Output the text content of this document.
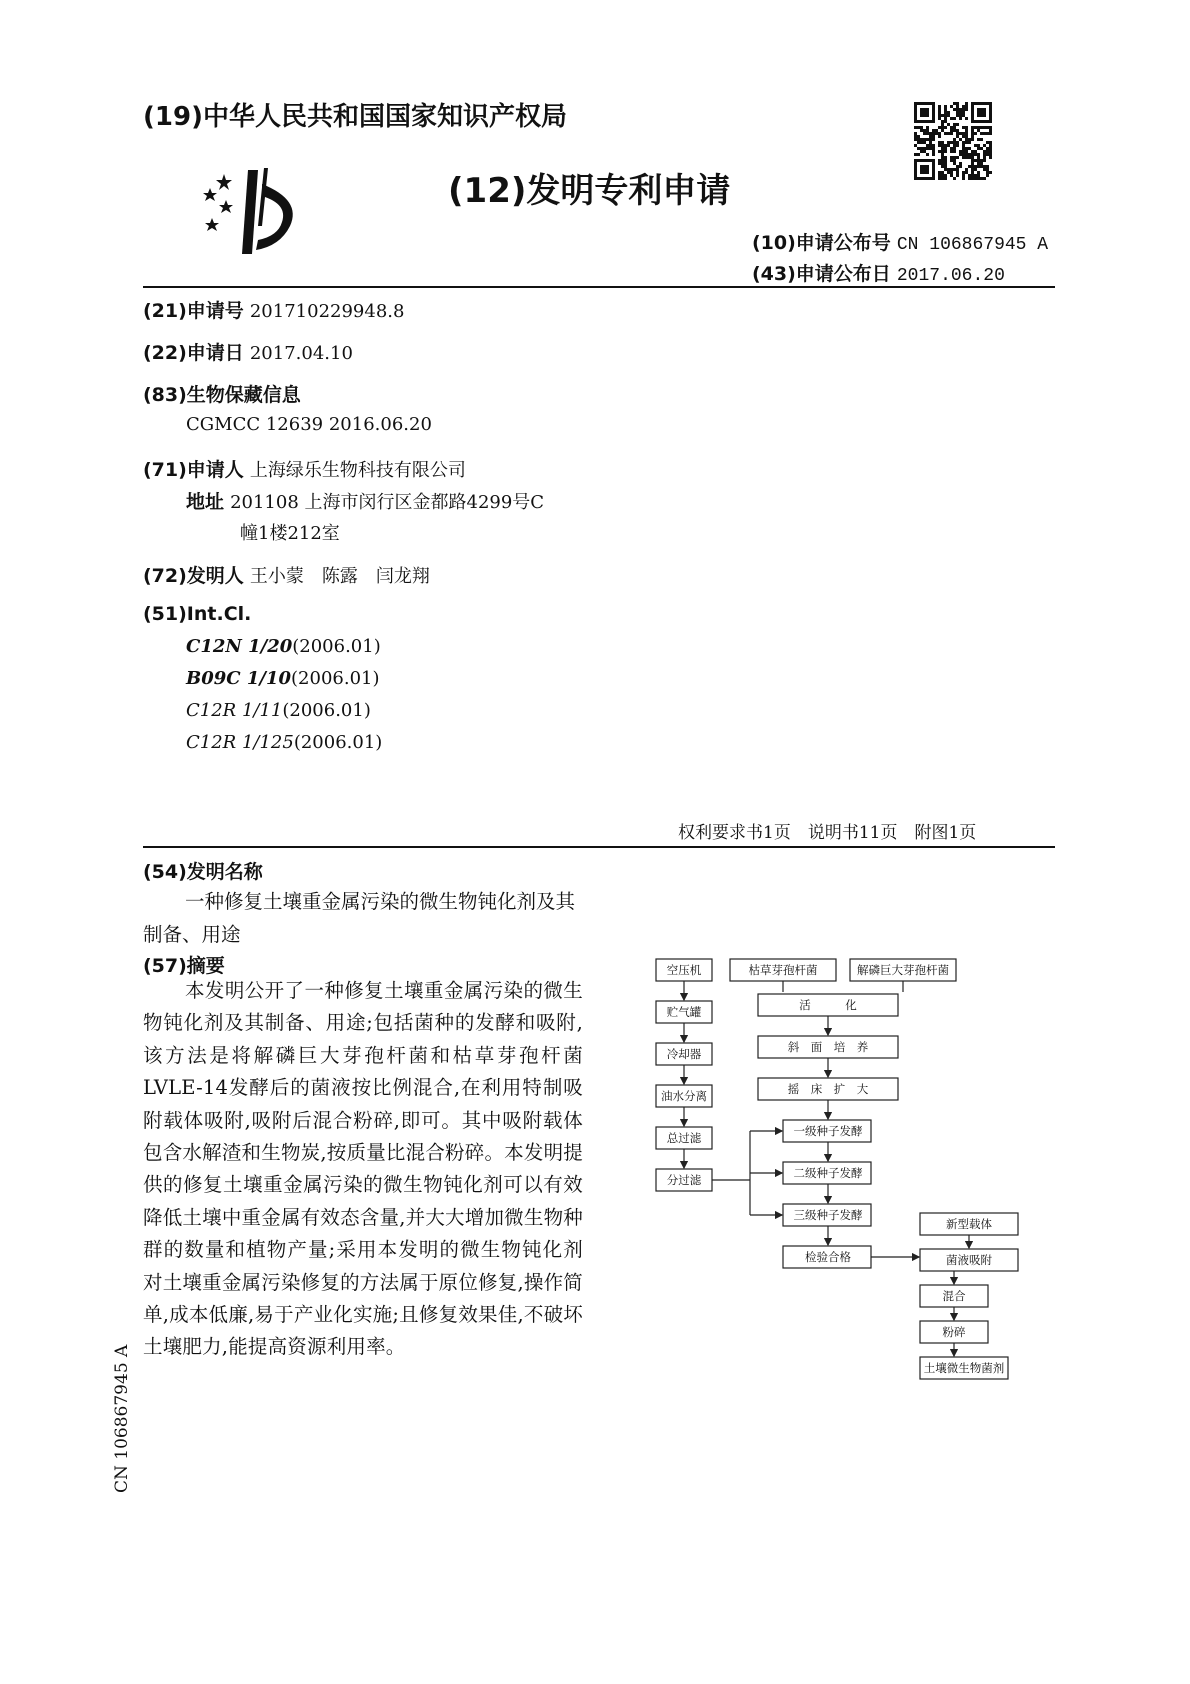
(19)中华人民共和国国家知识产权局
(12)发明专利申请
(10)申请公布号 CN 106867945 A
(43)申请公布日 2017.06.20
(21)申请号 201710229948.8
(22)申请日 2017.04.10
(83)生物保藏信息
CGMCC 12639 2016.06.20
(71)申请人 上海绿乐生物科技有限公司
地址 201108 上海市闵行区金都路4299号C
幢1楼212室
(72)发明人 王小蒙　陈露　闫龙翔
(51)Int.Cl.
C12N 1/20(2006.01)
B09C 1/10(2006.01)
C12R 1/11(2006.01)
C12R 1/125(2006.01)
权利要求书1页　说明书11页　附图1页
(54)发明名称
一种修复土壤重金属污染的微生物钝化剂及其制备、用途
(57)摘要
本发明公开了一种修复土壤重金属污染的微生物钝化剂及其制备、用途;包括菌种的发酵和吸附,该方法是将解磷巨大芽孢杆菌和枯草芽孢杆菌LVLE-14发酵后的菌液按比例混合,在利用特制吸附载体吸附,吸附后混合粉碎,即可。其中吸附载体包含水解渣和生物炭,按质量比混合粉碎。本发明提供的修复土壤重金属污染的微生物钝化剂可以有效降低土壤中重金属有效态含量,并大大增加微生物种群的数量和植物产量;采用本发明的微生物钝化剂对土壤重金属污染修复的方法属于原位修复,操作简单,成本低廉,易于产业化实施;且修复效果佳,不破坏土壤肥力,能提高资源利用率。
CN 106867945 A
空压机
贮气罐
冷却器
油水分离
总过滤
分过滤
枯草芽孢杆菌	解磷巨大芽孢杆菌
活　　　化
斜　面　培　养
摇　床　扩　大
一级种子发酵
二级种子发酵
三级种子发酵
检验合格
新型载体
菌液吸附
混合
粉碎
土壤微生物菌剂
